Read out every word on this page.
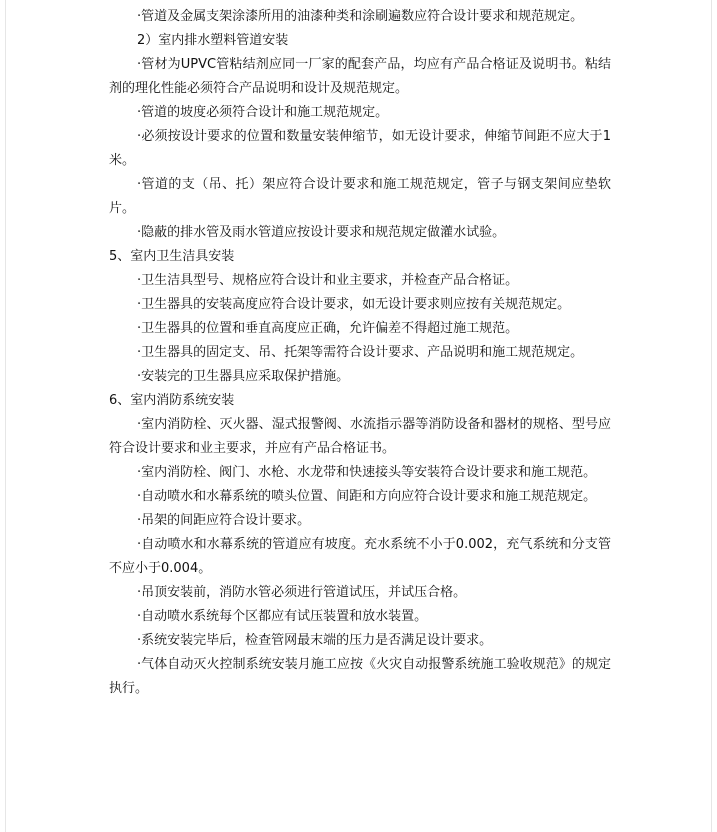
·管道及金属支架涂漆所用的油漆种类和涂刷遍数应符合设计要求和规范规定。

2）室内排水塑料管道安装

·管材为UPVC管粘结剂应同一厂家的配套产品，均应有产品合格证及说明书。粘结剂的理化性能必须符合产品说明和设计及规范规定。

·管道的坡度必须符合设计和施工规范规定。

·必须按设计要求的位置和数量安装伸缩节，如无设计要求，伸缩节间距不应大于1米。

·管道的支（吊、托）架应符合设计要求和施工规范规定，管子与钢支架间应垫软片。

·隐蔽的排水管及雨水管道应按设计要求和规范规定做灌水试验。

5、室内卫生洁具安装

·卫生洁具型号、规格应符合设计和业主要求，并检查产品合格证。

·卫生器具的安装高度应符合设计要求，如无设计要求则应按有关规范规定。

·卫生器具的位置和垂直高度应正确，允许偏差不得超过施工规范。

·卫生器具的固定支、吊、托架等需符合设计要求、产品说明和施工规范规定。

·安装完的卫生器具应采取保护措施。

6、室内消防系统安装

·室内消防栓、灭火器、湿式报警阀、水流指示器等消防设备和器材的规格、型号应符合设计要求和业主要求，并应有产品合格证书。

·室内消防栓、阀门、水枪、水龙带和快速接头等安装符合设计要求和施工规范。

·自动喷水和水幕系统的喷头位置、间距和方向应符合设计要求和施工规范规定。

·吊架的间距应符合设计要求。

·自动喷水和水幕系统的管道应有坡度。充水系统不小于0.002，充气系统和分支管不应小于0.004。

·吊顶安装前，消防水管必须进行管道试压，并试压合格。

·自动喷水系统每个区都应有试压装置和放水装置。

·系统安装完毕后，检查管网最末端的压力是否满足设计要求。

·气体自动灭火控制系统安装月施工应按《火灾自动报警系统施工验收规范》的规定执行。
